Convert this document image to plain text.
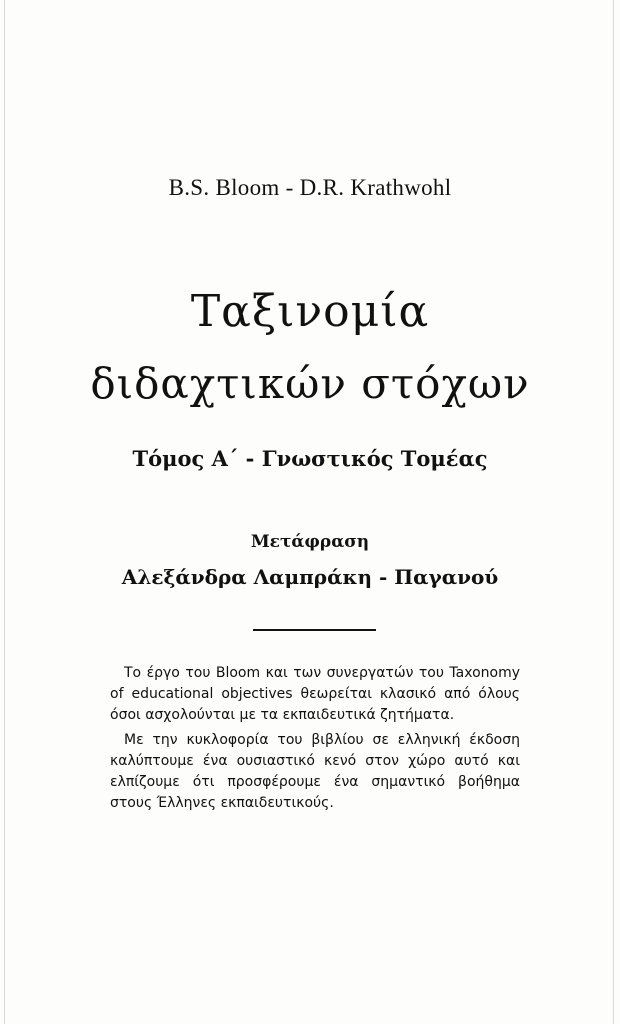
B.S. Bloom - D.R. Krathwohl
Ταξινομία
διδαχτικών στόχων
Τόμος Α΄ - Γνωστικός Τομέας
Μετάφραση
Αλεξάνδρα Λαμπράκη - Παγανού

Το έργο του Bloom και των συνεργατών του Taxonomy of educational objectives θεωρείται κλασικό από όλους όσοι ασχολούνται με τα εκπαιδευτικά ζητήματα.

Με την κυκλοφορία του βιβλίου σε ελληνική έκδοση καλύπτουμε ένα ουσιαστικό κενό στον χώρο αυτό και ελπίζουμε ότι προσφέρουμε ένα σημαντικό βοήθημα στους Έλληνες εκπαιδευτικούς.
